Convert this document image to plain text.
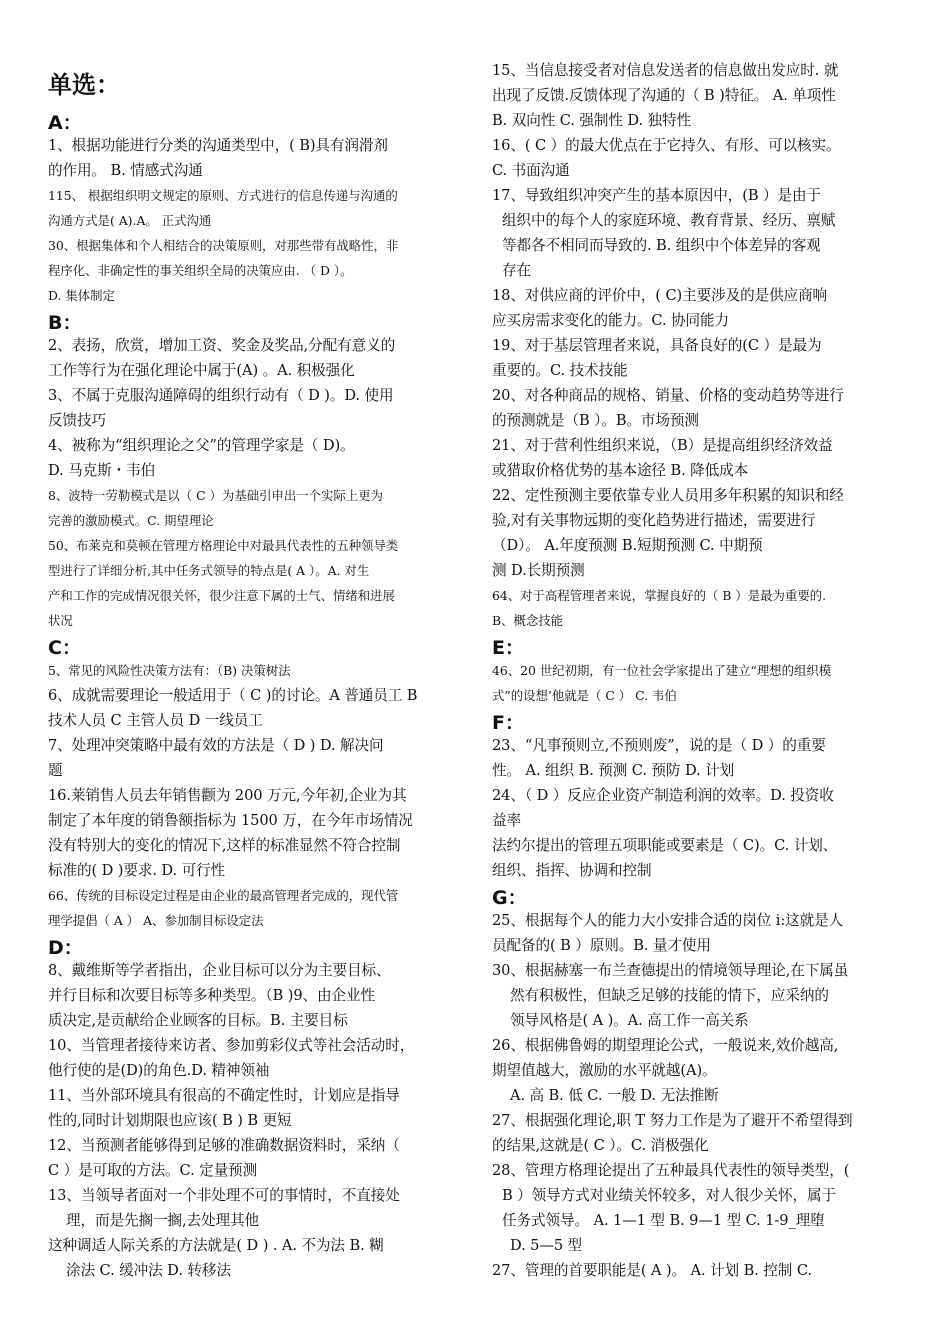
单选：
A：
1、根据功能进行分类的沟通类型中，( B)具有润滑剂
的作用。 B. 情感式沟通
115、 根据组织明文规定的原则、方式进行的信息传递与沟通的
沟通方式是( A).A。 正式沟通
30、根据集体和个人相结合的决策原则，对那些带有战略性，非
程序化、非确定性的事关组织全局的决策应由. （ D ）。
D. 集体制定
B：
2、表扬，欣赏，增加工资、奖金及奖品,分配有意义的
工作等行为在强化理论中属于(A) 。A. 积极强化
3、不属于克服沟通障碍的组织行动有（ D )。D. 使用
反馈技巧
4、被称为“组织理论之父”的管理学家是（ D)。
D. 马克斯・韦伯
8、波特一劳勒模式是以（ C ）为基础引申出一个实际上更为
完善的激励模式。C. 期望理论
50、布莱克和莫顿在管理方格理论中对最具代表性的五种领导类
型进行了详细分析,其中任务式领导的特点是( A ）。A. 对生
产和工作的完成情况很关怀，很少注意下属的士气、情绪和进展
状况
C：
5、常见的风险性决策方法有：（B) 决策树法
6、成就需要理论一般适用于（ C )的讨论。A 普通员工 B
技术人员 C 主管人员 D 一线员工
7、处理冲突策略中最有效的方法是（ D ) D. 解决问
题
16.莱销售人员去年销售颧为 200 万元,今年初,企业为其
制定了本年度的销鲁额指标为 1500 万，在今年市场情况
没有特别大的变化的情况下,这样的标准显然不符合控制
标准的( D )要求. D. 可行性
66、传统的目标设定过程是由企业的最高管理者完成的，现代管
理学提倡（ A ） A、参加制目标设定法
D：
8、戴维斯等学者指出，企业目标可以分为主要目标、
并行目标和次要目标等多种类型。（B )9、由企业性
质决定,是贡献给企业顾客的目标。B. 主要目标
10、当管理者接待来访者、参加剪彩仪式等社会活动时，
他行使的是(D)的角色.D. 精神领袖
11、当外部环境具有很高的不确定性时，计划应是指导
性的,同时计划期限也应该( B ) B 更短
12、当预测者能够得到足够的准确数据资料时，采纳（
C ）是可取的方法。C. 定量预测
13、当领导者面对一个非处理不可的事情时，不直接处
理，而是先搁一搁,去处理其他
这种调适人际关系的方法就是( D ) . A. 不为法 B. 糊
涂法 C. 缓冲法 D. 转移法
15、当信息接受者对信息发送者的信息做出发应时. 就
出现了反馈.反馈体现了沟通的（ B )特征。 A. 单项性
B. 双向性 C. 强制性 D. 独特性
16、( C ）的最大优点在于它持久、有形、可以核实。
C. 书面沟通
17、导致组织冲突产生的基本原因中，(B ）是由于
组织中的每个人的家庭环境、教育背景、经历、禀赋
等都各不相同而导致的. B. 组织中个体差异的客观
存在
18、对供应商的评价中，( C)主要涉及的是供应商响
应买房需求变化的能力。C. 协同能力
19、对于基层管理者来说，具备良好的(C ）是最为
重要的。C. 技术技能
20、对各种商品的规格、销量、价格的变动趋势等进行
的预测就是（B ）。B。市场预测
21、对于营利性组织来说，（B）是提高组织经济效益
或猎取价格优势的基本途径 B. 降低成本
22、定性预测主要依靠专业人员用多年积累的知识和经
验,对有关事物远期的变化趋势进行描述，需要进行
（D）。 A.年度预测 B.短期预测 C. 中期预
测 D.长期预测
64、对于高程管理者来说，掌握良好的（ B ）是最为重要的.
B、概念技能
E：
46、20 世纪初期，有一位社会学家提出了建立“理想的组织模
式”的设想’他就是（ C ） C. 韦伯
F：
23、“凡事预则立,不预则废”，说的是（ D ）的重要
性。 A. 组织 B. 预测 C. 预防 D. 计划
24、（ D ）反应企业资产制造利润的效率。D. 投资收
益率
法约尔提出的管理五项职能或要素是（ C)。C. 计划、
组织、指挥、协调和控制
G：
25、根据每个人的能力大小安排合适的岗位 i:这就是人
员配备的( B ）原则。B. 量才使用
30、根据赫塞一布兰查德提出的情境领导理论,在下属虽
然有积极性，但缺乏足够的技能的情下，应采纳的
领导风格是( A )。A. 高工作一高关系
26、根据佛鲁姆的期望理论公式，一般说来,效价越高,
期望值越大，激励的水平就越(A)。
A. 高 B. 低 C. 一般 D. 无法推断
27、根据强化理论,职 T 努力工作是为了避开不希望得到
的结果,这就是( C ）。C. 消极强化
28、管理方格理论提出了五种最具代表性的领导类型，(
B ）领导方式对业绩关怀较多，对人很少关怀，属于
任务式领导。 A. 1—1 型 B. 9—1 型 C. 1-9_理堕
D. 5—5 型
27、管理的首要职能是( A )。 A. 计划 B. 控制 C.
